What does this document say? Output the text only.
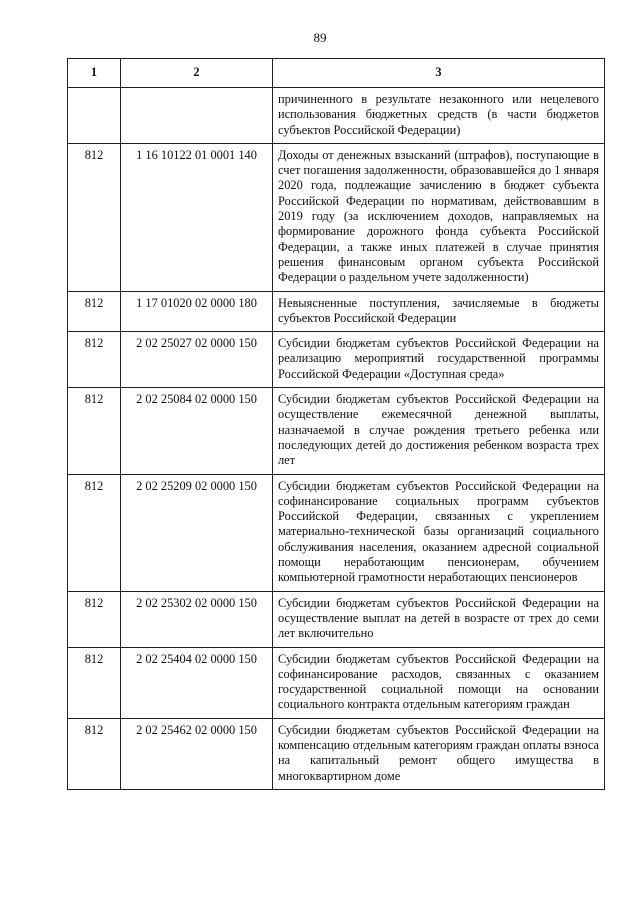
89
1	2	3
		причиненного в результате незаконного или нецелевого использования бюджетных средств (в части бюджетов субъектов Российской Федерации)
812	1 16 10122 01 0001 140	Доходы от денежных взысканий (штрафов), поступающие в счет погашения задолженности, образовавшейся до 1 января 2020 года, подлежащие зачислению в бюджет субъекта Российской Федерации по нормативам, действовавшим в 2019 году (за исключением доходов, направляемых на формирование дорожного фонда субъекта Российской Федерации, а также иных платежей в случае принятия решения финансовым органом субъекта Российской Федерации о раздельном учете задолженности)
812	1 17 01020 02 0000 180	Невыясненные поступления, зачисляемые в бюджеты субъектов Российской Федерации
812	2 02 25027 02 0000 150	Субсидии бюджетам субъектов Российской Федерации на реализацию мероприятий государственной программы Российской Федерации «Доступная среда»
812	2 02 25084 02 0000 150	Субсидии бюджетам субъектов Российской Федерации на осуществление ежемесячной денежной выплаты, назначаемой в случае рождения третьего ребенка или последующих детей до достижения ребенком возраста трех лет
812	2 02 25209 02 0000 150	Субсидии бюджетам субъектов Российской Федерации на софинансирование социальных программ субъектов Российской Федерации, связанных с укреплением материально-технической базы организаций социального обслуживания населения, оказанием адресной социальной помощи неработающим пенсионерам, обучением компьютерной грамотности неработающих пенсионеров
812	2 02 25302 02 0000 150	Субсидии бюджетам субъектов Российской Федерации на осуществление выплат на детей в возрасте от трех до семи лет включительно
812	2 02 25404 02 0000 150	Субсидии бюджетам субъектов Российской Федерации на софинансирование расходов, связанных с оказанием государственной социальной помощи на основании социального контракта отдельным категориям граждан
812	2 02 25462 02 0000 150	Субсидии бюджетам субъектов Российской Федерации на компенсацию отдельным категориям граждан оплаты взноса на капитальный ремонт общего имущества в многоквартирном доме
